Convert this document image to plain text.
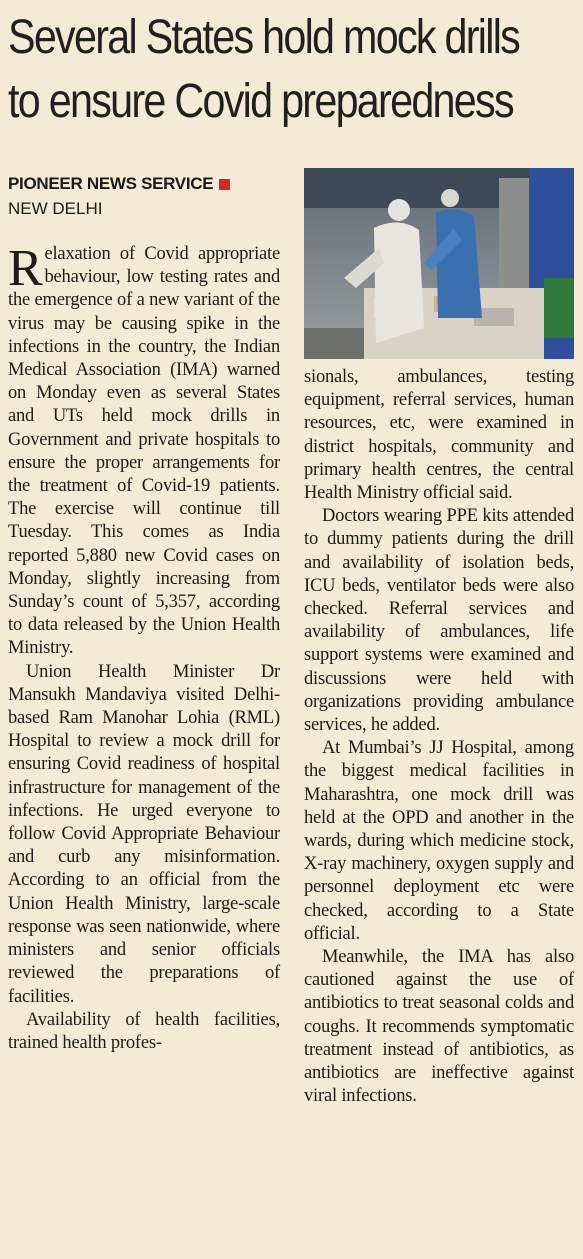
Several States hold mock drills
to ensure Covid preparedness
PIONEER NEWS SERVICE
NEW DELHI

Relaxation of Covid appropriate behaviour, low testing rates and the emergence of a new variant of the virus may be causing spike in the infections in the country, the Indian Medical Association (IMA) warned on Monday even as several States and UTs held mock drills in Government and private hospitals to ensure the proper arrangements for the treatment of Covid-19 patients. The exercise will continue till Tuesday. This comes as India reported 5,880 new Covid cases on Monday, slightly increasing from Sunday’s count of 5,357, according to data released by the Union Health Ministry.

Union Health Minister Dr Mansukh Mandaviya visited Delhi-based Ram Manohar Lohia (RML) Hospital to review a mock drill for ensuring Covid readiness of hospital infrastructure for management of the infections. He urged everyone to follow Covid Appropriate Behaviour and curb any misinformation. According to an official from the Union Health Ministry, large-scale response was seen nationwide, where ministers and senior officials reviewed the preparations of facilities.

Availability of health facilities, trained health profes-

sionals, ambulances, testing equipment, referral services, human resources, etc, were examined in district hospitals, community and primary health centres, the central Health Ministry official said.

Doctors wearing PPE kits attended to dummy patients during the drill and availability of isolation beds, ICU beds, ventilator beds were also checked. Referral services and availability of ambulances, life support systems were examined and discussions were held with organizations providing ambulance services, he added.

At Mumbai’s JJ Hospital, among the biggest medical facilities in Maharashtra, one mock drill was held at the OPD and another in the wards, during which medicine stock, X-ray machinery, oxygen supply and personnel deployment etc were checked, according to a State official.

Meanwhile, the IMA has also cautioned against the use of antibiotics to treat seasonal colds and coughs. It recommends symptomatic treatment instead of antibiotics, as antibiotics are ineffective against viral infections.
